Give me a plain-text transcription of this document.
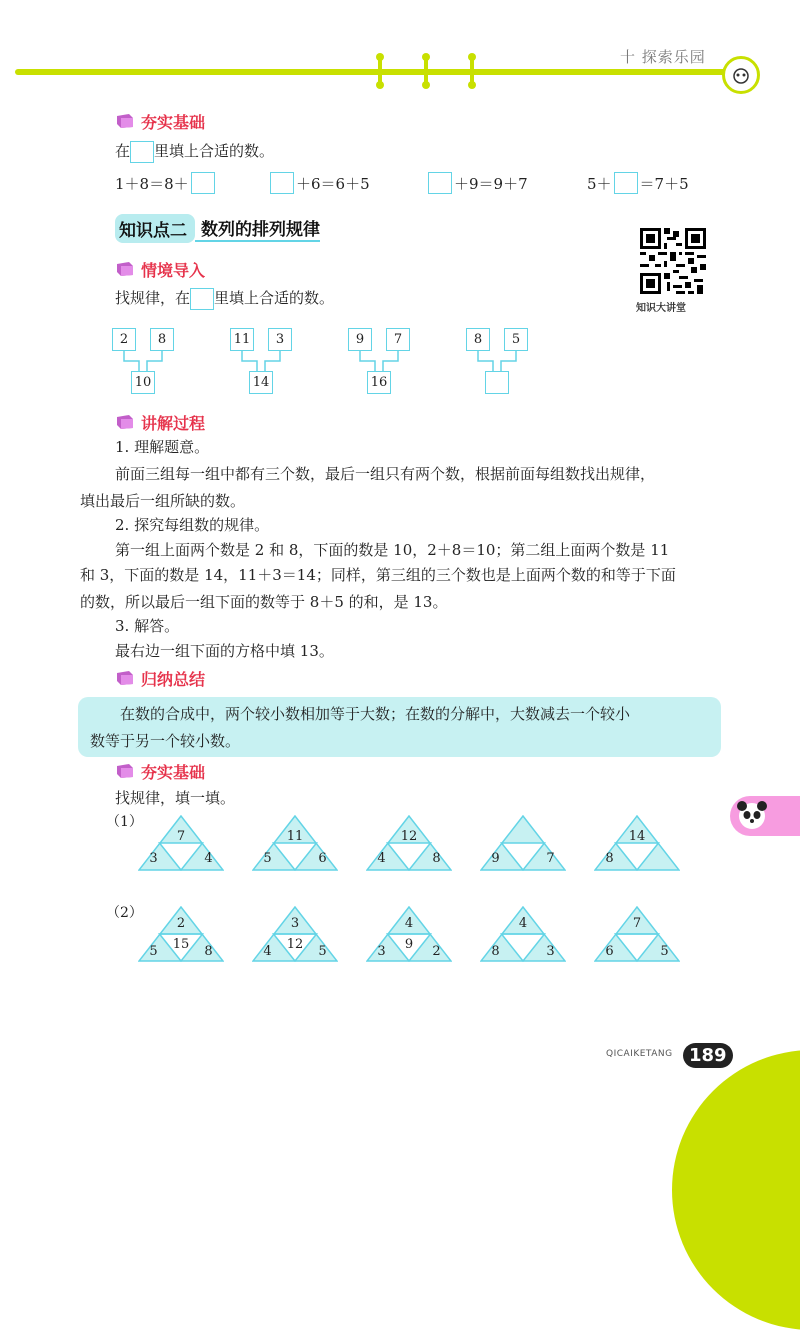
十 探索乐园
夯实基础
在 里填上合适的数。
1＋8＝8＋	＋6＝6＋5	＋9＝9＋7	5＋ ＝7＋5
知识点二 数列的排列规律
知识大讲堂
情境导入
找规律，在 里填上合适的数。
2	8
10
11	3
14
9	7
16
8	5
讲解过程
1. 理解题意。
前面三组每一组中都有三个数，最后一组只有两个数，根据前面每组数找出规律，
填出最后一组所缺的数。
2. 探究每组数的规律。
第一组上面两个数是 2 和 8，下面的数是 10，2＋8＝10；第二组上面两个数是 11
和 3，下面的数是 14，11＋3＝14；同样，第三组的三个数也是上面两个数的和等于下面
的数，所以最后一组下面的数等于 8＋5 的和，是 13。
3. 解答。
最右边一组下面的方格中填 13。
归纳总结
在数的合成中，两个较小数相加等于大数；在数的分解中，大数减去一个较小
数等于另一个较小数。
夯实基础
找规律，填一填。
（1）
（2）
7
3	4
11
5	6
12
4	8	9	7
14
8
2
15
5	8
3
12
4	5
4
9
3	2
4
8	3
7
6	5
QICAIKETANG 189
